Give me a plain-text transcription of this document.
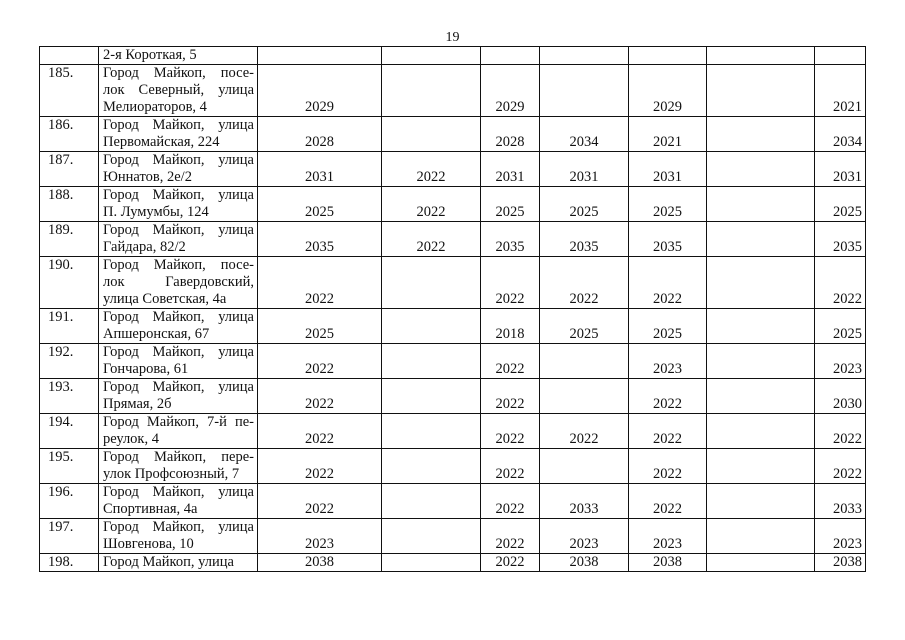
19

	2-я Короткая, 5							

185.	Город Майкоп, посе-
лок Северный, улица
Мелиораторов, 4	2029		2029		2029		2021

186.	Город Майкоп, улица
Первомайская, 224	2028		2028	2034	2021		2034

187.	Город Майкоп, улица
Юннатов, 2е/2	2031	2022	2031	2031	2031		2031

188.	Город Майкоп, улица
П. Лумумбы, 124	2025	2022	2025	2025	2025		2025

189.	Город Майкоп, улица
Гайдара, 82/2	2035	2022	2035	2035	2035		2035

190.	Город Майкоп, посе-
лок Гавердовский,
улица Советская, 4а	2022		2022	2022	2022		2022

191.	Город Майкоп, улица
Апшеронская, 67	2025		2018	2025	2025		2025

192.	Город Майкоп, улица
Гончарова, 61	2022		2022		2023		2023

193.	Город Майкоп, улица
Прямая, 2б	2022		2022		2022		2030

194.	Город Майкоп, 7-й пе-
реулок, 4	2022		2022	2022	2022		2022

195.	Город Майкоп, пере-
улок Профсоюзный, 7	2022		2022		2022		2022

196.	Город Майкоп, улица
Спортивная, 4а	2022		2022	2033	2022		2033

197.	Город Майкоп, улица
Шовгенова, 10	2023		2022	2023	2023		2023

198.	Город Майкоп, улица	2038		2022	2038	2038		2038
